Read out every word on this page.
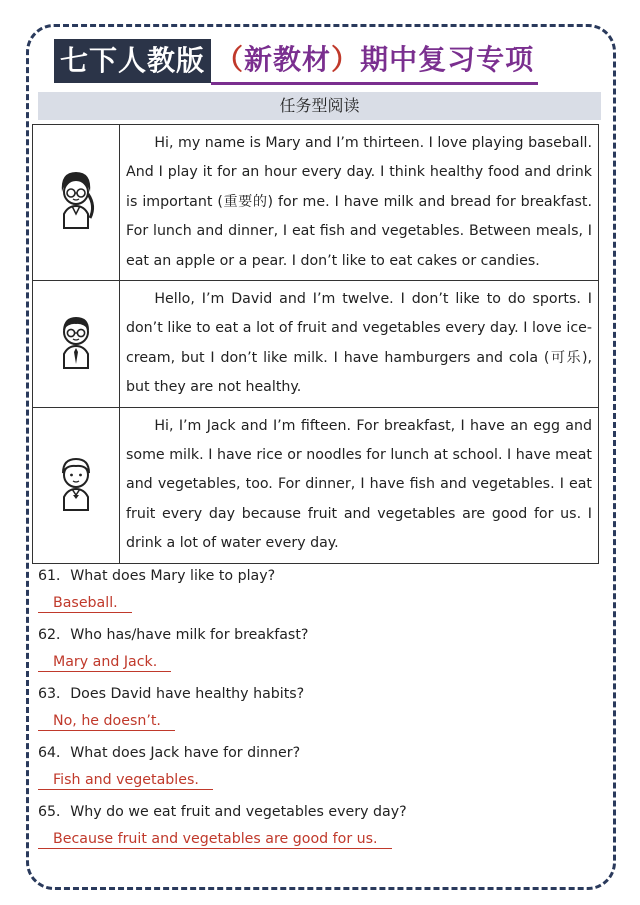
七下人教版 （新教材）期中复习专项
任务型阅读
	Hi, my name is Mary and I’m thirteen. I love playing baseball. And I play it for an hour every day. I think healthy food and drink is important (重要的) for me. I have milk and bread for breakfast. For lunch and dinner, I eat fish and vegetables. Between meals, I eat an apple or a pear. I don’t like to eat cakes or candies.
	Hello, I’m David and I’m twelve. I don’t like to do sports. I don’t like to eat a lot of fruit and vegetables every day. I love ice-cream, but I don’t like milk. I have hamburgers and cola (可乐), but they are not healthy.
	Hi, I’m Jack and I’m fifteen. For breakfast, I have an egg and some milk. I have rice or noodles for lunch at school. I have meat and vegetables, too. For dinner, I have fish and vegetables. I eat fruit every day because fruit and vegetables are good for us. I drink a lot of water every day.
61．What does Mary like to play?
Baseball.
62．Who has/have milk for breakfast?
Mary and Jack.
63．Does David have healthy habits?
No, he doesn’t.
64．What does Jack have for dinner?
Fish and vegetables.
65．Why do we eat fruit and vegetables every day?
Because fruit and vegetables are good for us.
